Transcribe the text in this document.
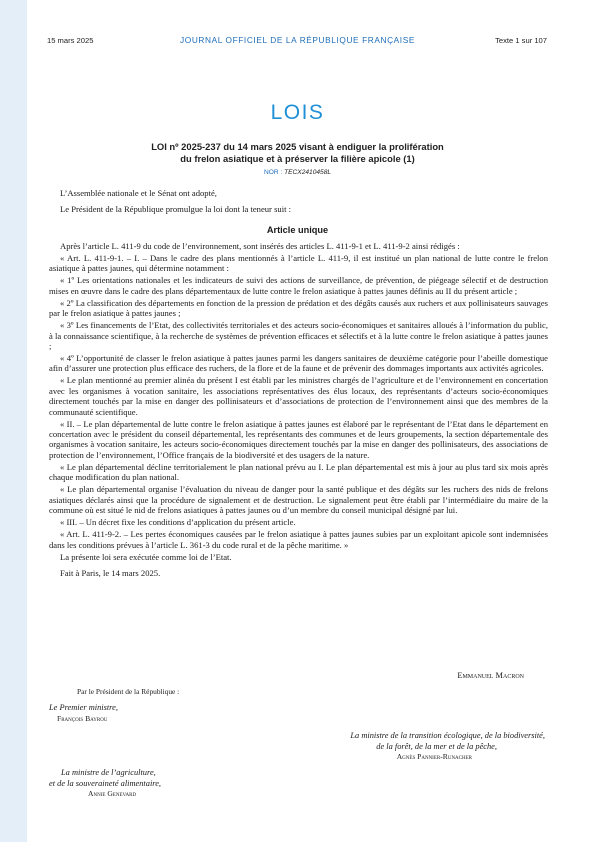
15 mars 2025	JOURNAL OFFICIEL DE LA RÉPUBLIQUE FRANÇAISE	Texte 1 sur 107
LOIS
LOI nº 2025-237 du 14 mars 2025 visant à endiguer la prolifération
du frelon asiatique et à préserver la filière apicole (1)
NOR : TECX2410458L

L’Assemblée nationale et le Sénat ont adopté,

Le Président de la République promulgue la loi dont la teneur suit :

Article unique

Après l’article L. 411-9 du code de l’environnement, sont insérés des articles L. 411-9-1 et L. 411-9-2 ainsi rédigés :

« Art. L. 411-9-1. – I. – Dans le cadre des plans mentionnés à l’article L. 411-9, il est institué un plan national de lutte contre le frelon asiatique à pattes jaunes, qui détermine notamment :

« 1º Les orientations nationales et les indicateurs de suivi des actions de surveillance, de prévention, de piégeage sélectif et de destruction mises en œuvre dans le cadre des plans départementaux de lutte contre le frelon asiatique à pattes jaunes définis au II du présent article ;

« 2º La classification des départements en fonction de la pression de prédation et des dégâts causés aux ruchers et aux pollinisateurs sauvages par le frelon asiatique à pattes jaunes ;

« 3º Les financements de l’Etat, des collectivités territoriales et des acteurs socio-économiques et sanitaires alloués à l’information du public, à la connaissance scientifique, à la recherche de systèmes de prévention efficaces et sélectifs et à la lutte contre le frelon asiatique à pattes jaunes ;

« 4º L’opportunité de classer le frelon asiatique à pattes jaunes parmi les dangers sanitaires de deuxième catégorie pour l’abeille domestique afin d’assurer une protection plus efficace des ruchers, de la flore et de la faune et de prévenir des dommages importants aux activités agricoles.

« Le plan mentionné au premier alinéa du présent I est établi par les ministres chargés de l’agriculture et de l’environnement en concertation avec les organismes à vocation sanitaire, les associations représentatives des élus locaux, des représentants d’acteurs socio-économiques directement touchés par la mise en danger des pollinisateurs et d’associations de protection de l’environnement ainsi que des membres de la communauté scientifique.

« II. – Le plan départemental de lutte contre le frelon asiatique à pattes jaunes est élaboré par le représentant de l’Etat dans le département en concertation avec le président du conseil départemental, les représentants des communes et de leurs groupements, la section départementale des organismes à vocation sanitaire, les acteurs socio-économiques directement touchés par la mise en danger des pollinisateurs, des associations de protection de l’environnement, l’Office français de la biodiversité et des usagers de la nature.

« Le plan départemental décline territorialement le plan national prévu au I. Le plan départemental est mis à jour au plus tard six mois après chaque modification du plan national.

« Le plan départemental organise l’évaluation du niveau de danger pour la santé publique et des dégâts sur les ruchers des nids de frelons asiatiques déclarés ainsi que la procédure de signalement et de destruction. Le signalement peut être établi par l’intermédiaire du maire de la commune où est situé le nid de frelons asiatiques à pattes jaunes ou d’un membre du conseil municipal désigné par lui.

« III. – Un décret fixe les conditions d’application du présent article.

« Art. L. 411-9-2. – Les pertes économiques causées par le frelon asiatique à pattes jaunes subies par un exploitant apicole sont indemnisées dans les conditions prévues à l’article L. 361-3 du code rural et de la pêche maritime. »

La présente loi sera exécutée comme loi de l’Etat.

Fait à Paris, le 14 mars 2025.

Emmanuel Macron
Par le Président de la République :
Le Premier ministre,
François Bayrou
La ministre de la transition écologique, de la biodiversité,
de la forêt, de la mer et de la pêche,
Agnès Pannier-Runacher
La ministre de l’agriculture,
et de la souveraineté alimentaire,
Annie Genevard
